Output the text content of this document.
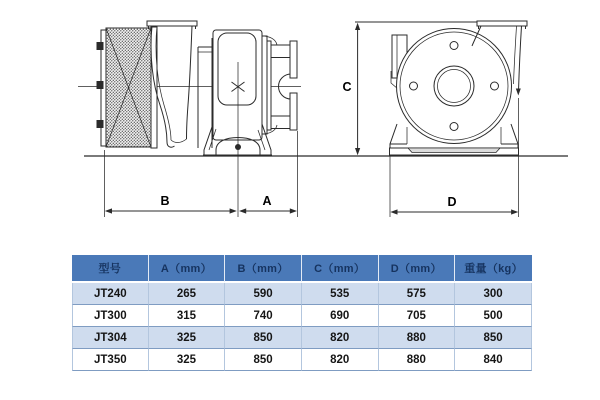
B	A
C
D
型号	A（mm）	B（mm）	C（mm）	D（mm）	重量（kg）
JT240	265	590	535	575	300
JT300	315	740	690	705	500
JT304	325	850	820	880	850
JT350	325	850	820	880	840
